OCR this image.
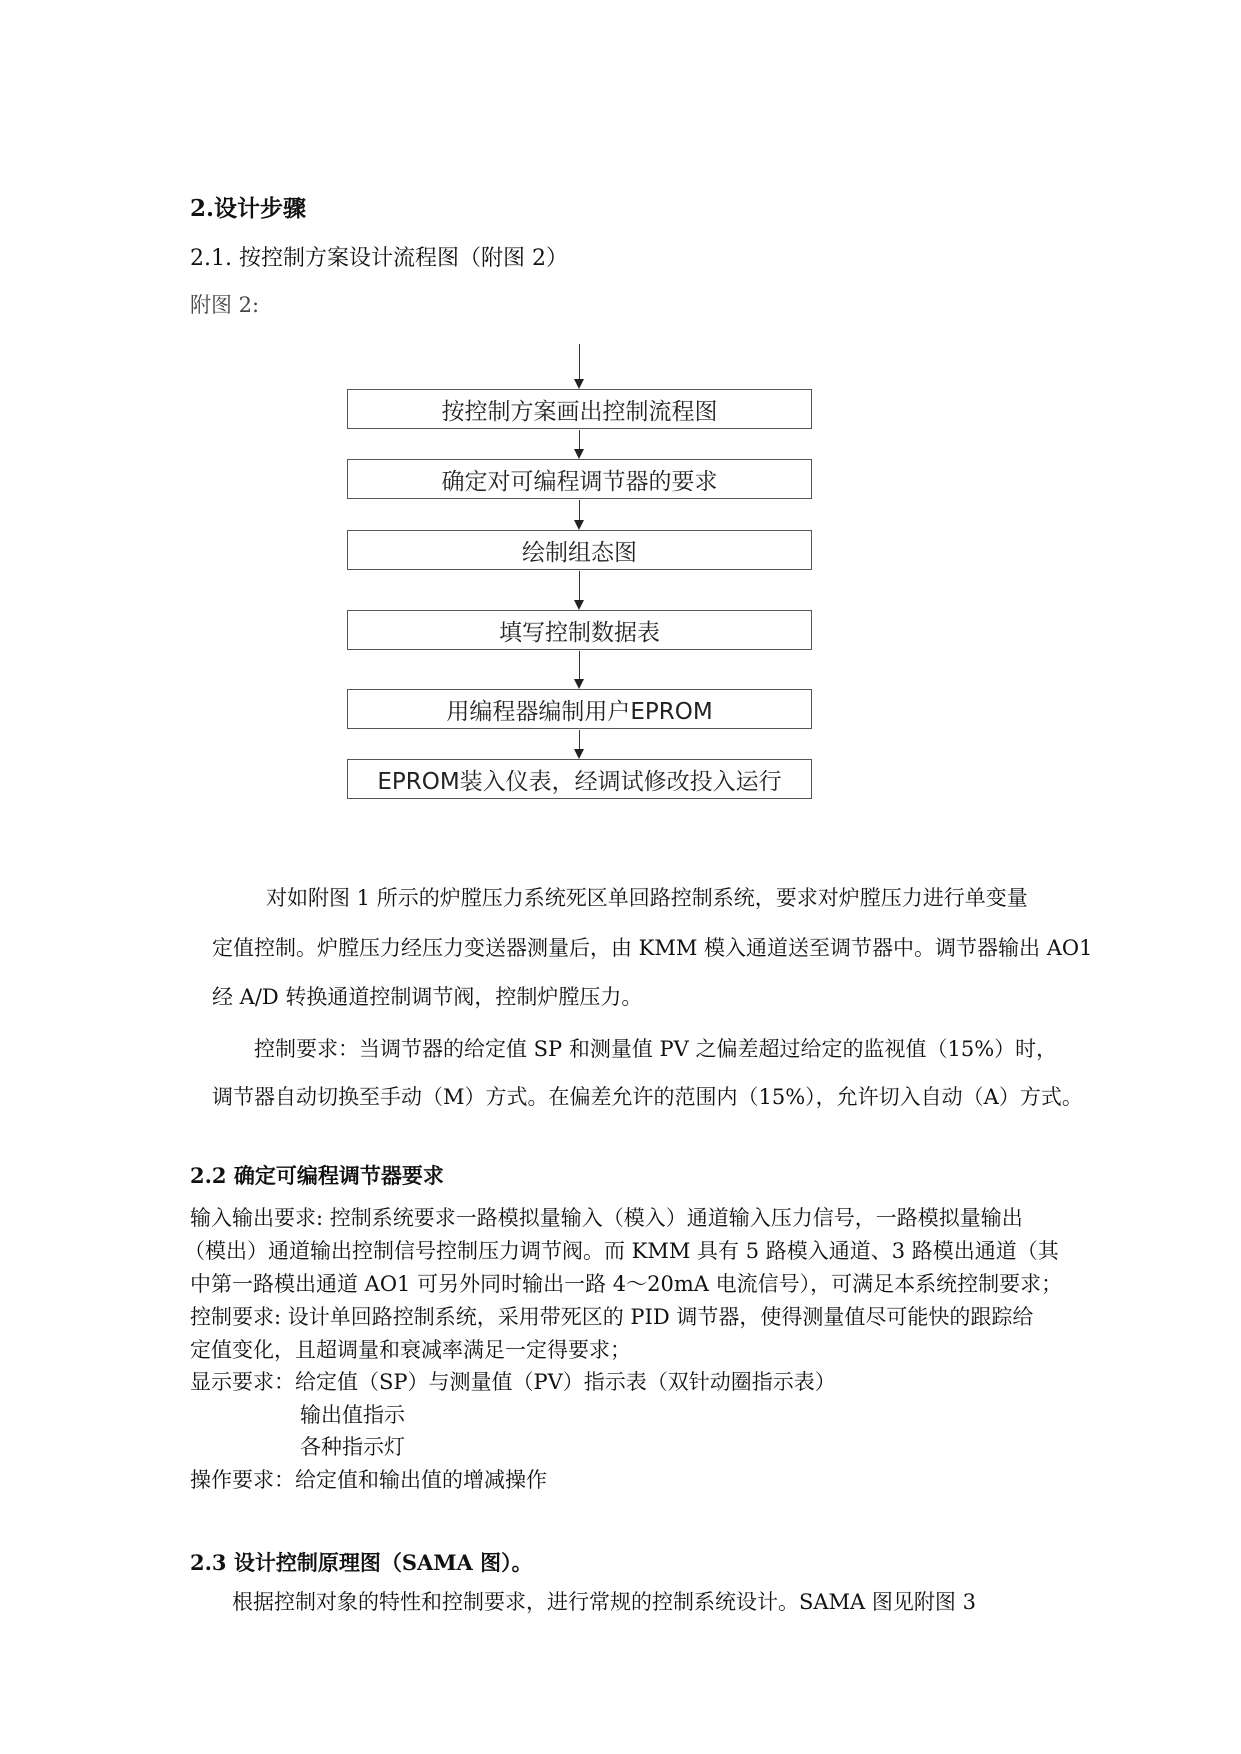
2.设计步骤
2.1. 按控制方案设计流程图（附图 2）
附图 2:
按控制方案画出控制流程图
确定对可编程调节器的要求
绘制组态图
填写控制数据表
用编程器编制用户EPROM
EPROM装入仪表，经调试修改投入运行
对如附图 1 所示的炉膛压力系统死区单回路控制系统，要求对炉膛压力进行单变量
定值控制。炉膛压力经压力变送器测量后，由 KMM 模入通道送至调节器中。调节器输出 AO1
经 A/D 转换通道控制调节阀，控制炉膛压力。
控制要求：当调节器的给定值 SP 和测量值 PV 之偏差超过给定的监视值（15%）时，
调节器自动切换至手动（M）方式。在偏差允许的范围内（15%），允许切入自动（A）方式。
2.2 确定可编程调节器要求
输入输出要求: 控制系统要求一路模拟量输入（模入）通道输入压力信号，一路模拟量输出
（模出）通道输出控制信号控制压力调节阀。而 KMM 具有 5 路模入通道、3 路模出通道（其
中第一路模出通道 AO1 可另外同时输出一路 4～20mA 电流信号），可满足本系统控制要求；
控制要求: 设计单回路控制系统，采用带死区的 PID 调节器，使得测量值尽可能快的跟踪给
定值变化，且超调量和衰减率满足一定得要求；
显示要求：给定值（SP）与测量值（PV）指示表（双针动圈指示表）
输出值指示
各种指示灯
操作要求：给定值和输出值的增减操作
2.3 设计控制原理图（SAMA 图）。
根据控制对象的特性和控制要求，进行常规的控制系统设计。SAMA 图见附图 3
